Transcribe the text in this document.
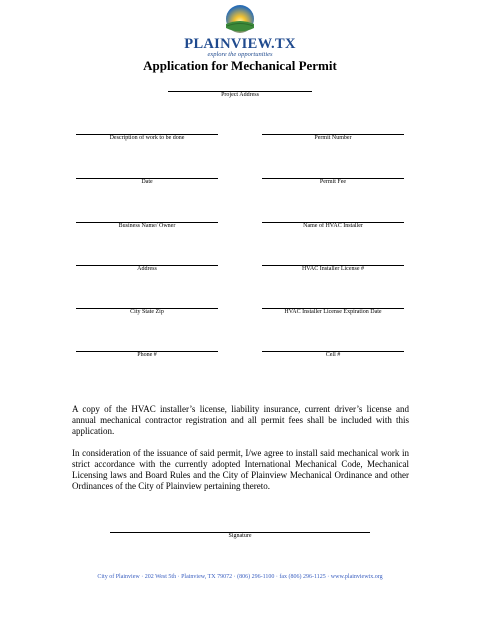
PLAINVIEW.TX
explore the opportunities
Application for Mechanical Permit
Project Address
Description of work to be done	Permit Number
Date	Permit Fee
Business Name/ Owner	Name of HVAC Installer
Address	HVAC Installer License #
City State Zip	HVAC Installer License Expiration Date
Phone #	Cell #
A copy of the HVAC installer’s license, liability insurance, current driver’s license and annual mechanical contractor registration and all permit fees shall be included with this application.
In consideration of the issuance of said permit, I/we agree to install said mechanical work in strict accordance with the currently adopted International Mechanical Code, Mechanical Licensing laws and Board Rules and the City of Plainview Mechanical Ordinance and other Ordinances of the City of Plainview pertaining thereto.
Signature
City of Plainview · 202 West 5th · Plainview, TX 79072 · (806) 296-1100 · fax (806) 296-1125 · www.plainviewtx.org
